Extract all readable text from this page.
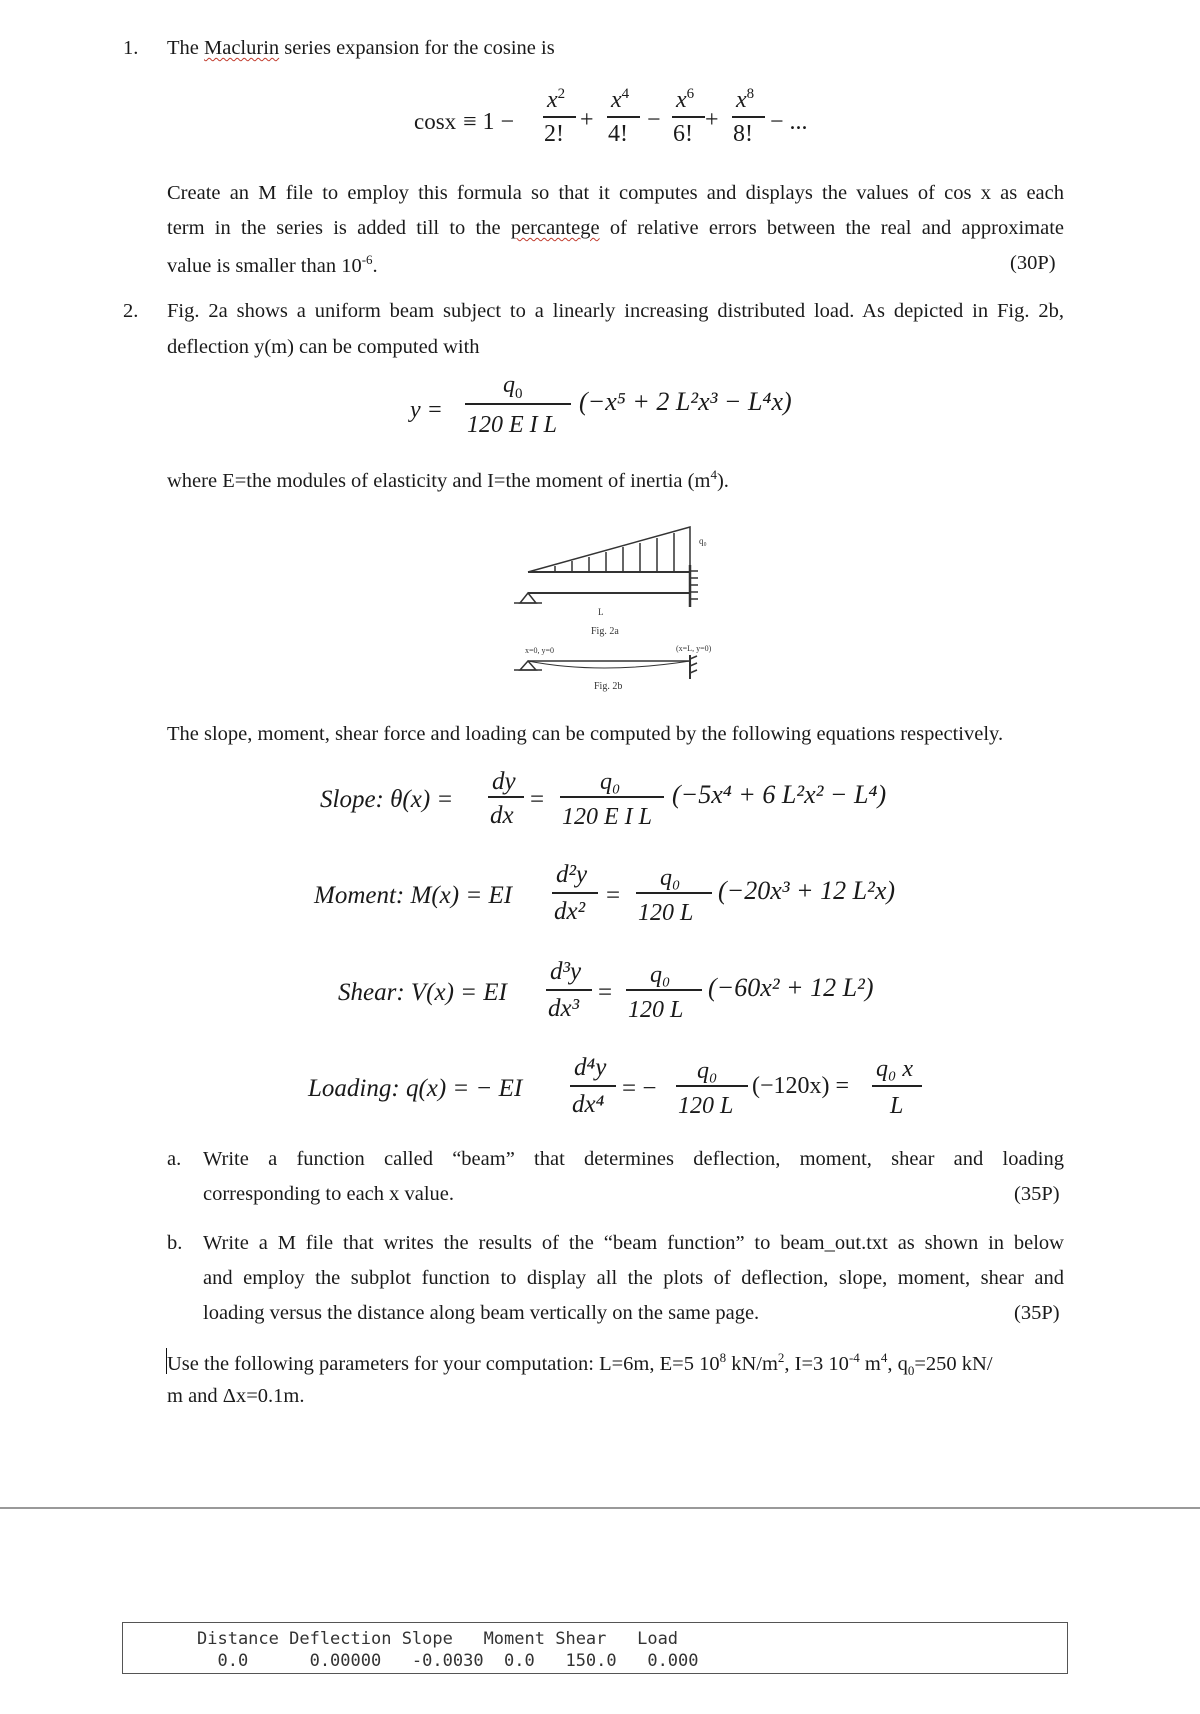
1. The Maclurin series expansion for the cosine is
cosx ≡ 1 −
$x^2$
2!
+
$x^4$
4!
−
$x^6$
6!
+
$x^8$
8! − ...
Create an M file to employ this formula so that it computes and displays the values of cos x as each
term in the series is added till to the percantege of relative errors between the real and approximate
value is smaller than $10^{-6}$.	(30P)
2. Fig. 2a shows a uniform beam subject to a linearly increasing distributed load. As depicted in Fig. 2b,
deflection y(m) can be computed with
y =
$q_0$
120 E I L
(−x⁵ + 2 L²x³ − L⁴x)
where E=the modules of elasticity and I=the moment of inertia $(m^4)$.
q₀
L
Fig. 2a
x=0, y=0	(x=L, y=0)
Fig. 2b
The slope, moment, shear force and loading can be computed by the following equations respectively.
Slope: θ(x) =
dy
dx
=
q₀
120 E I L
(−5x⁴ + 6 L²x² − L⁴)
Moment: M(x) = EI
d²y
dx²
=
q₀
120 L
(−20x³ + 12 L²x)
Shear: V(x) = EI
d³y
dx³
=
q₀
120 L
(−60x² + 12 L²)
Loading: q(x) = − EI
d⁴y
dx⁴
= −
q₀
120 L
(−120x) =
q₀ x
L
a. Write a function called “beam” that determines deflection, moment, shear and loading
corresponding to each x value.	(35P)
b. Write a M file that writes the results of the “beam function” to beam_out.txt as shown in below
and employ the subplot function to display all the plots of deflection, slope, moment, shear and
loading versus the distance along beam vertically on the same page.	(35P)
Use the following parameters for your computation: L=6m, E=5 $10^8$ $kN/m^2$, I=3 $10^{-4}$ $m^4$, $q_0=250$ kN/
m and Δx=0.1m.
Distance Deflection Slope   Moment Shear   Load
0.0      0.00000   -0.0030  0.0   150.0   0.000
